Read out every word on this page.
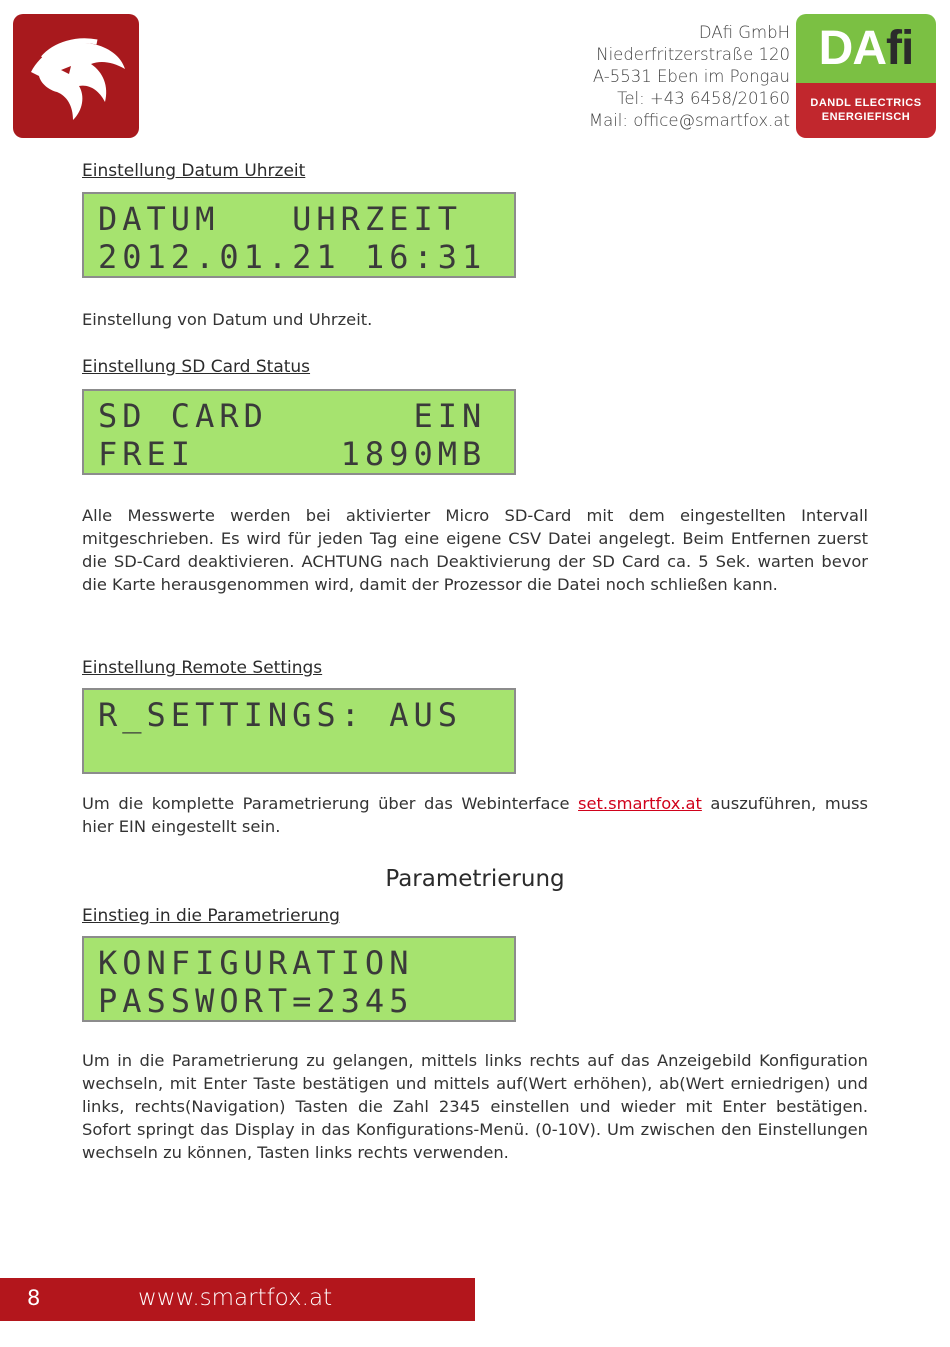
DAfi GmbH
Niederfritzerstraße 120
A-5531 Eben im Pongau
Tel: +43 6458/20160
Mail: office@smartfox.at
DAfi
DANDL ELECTRICS
ENERGIEFISCH
Einstellung Datum Uhrzeit
DATUM   UHRZEIT
2012.01.21 16:31
Einstellung von Datum und Uhrzeit.
Einstellung SD Card Status
SD CARD      EIN
FREI      1890MB
Alle Messwerte werden bei aktivierter Micro SD-Card mit dem eingestellten Intervall mitgeschrieben. Es wird für jeden Tag eine eigene CSV Datei angelegt. Beim Entfernen zuerst die SD-Card deaktivieren. ACHTUNG nach Deaktivierung der SD Card ca. 5 Sek. warten bevor die Karte herausgenommen wird, damit der Prozessor die Datei noch schließen kann.
Einstellung Remote Settings
R_SETTINGS: AUS
Um die komplette Parametrierung über das Webinterface set.smartfox.at auszuführen, muss hier EIN eingestellt sein.
Parametrierung
Einstieg in die Parametrierung
KONFIGURATION
PASSWORT=2345
Um in die Parametrierung zu gelangen, mittels links rechts auf das Anzeigebild Konfiguration wechseln, mit Enter Taste bestätigen und mittels auf(Wert erhöhen), ab(Wert erniedrigen) und links, rechts(Navigation) Tasten die Zahl 2345 einstellen und wieder mit Enter bestätigen. Sofort springt das Display in das Konfigurations-Menü. (0-10V). Um zwischen den Einstellungen wechseln zu können, Tasten links rechts verwenden.
8	www.smartfox.at
